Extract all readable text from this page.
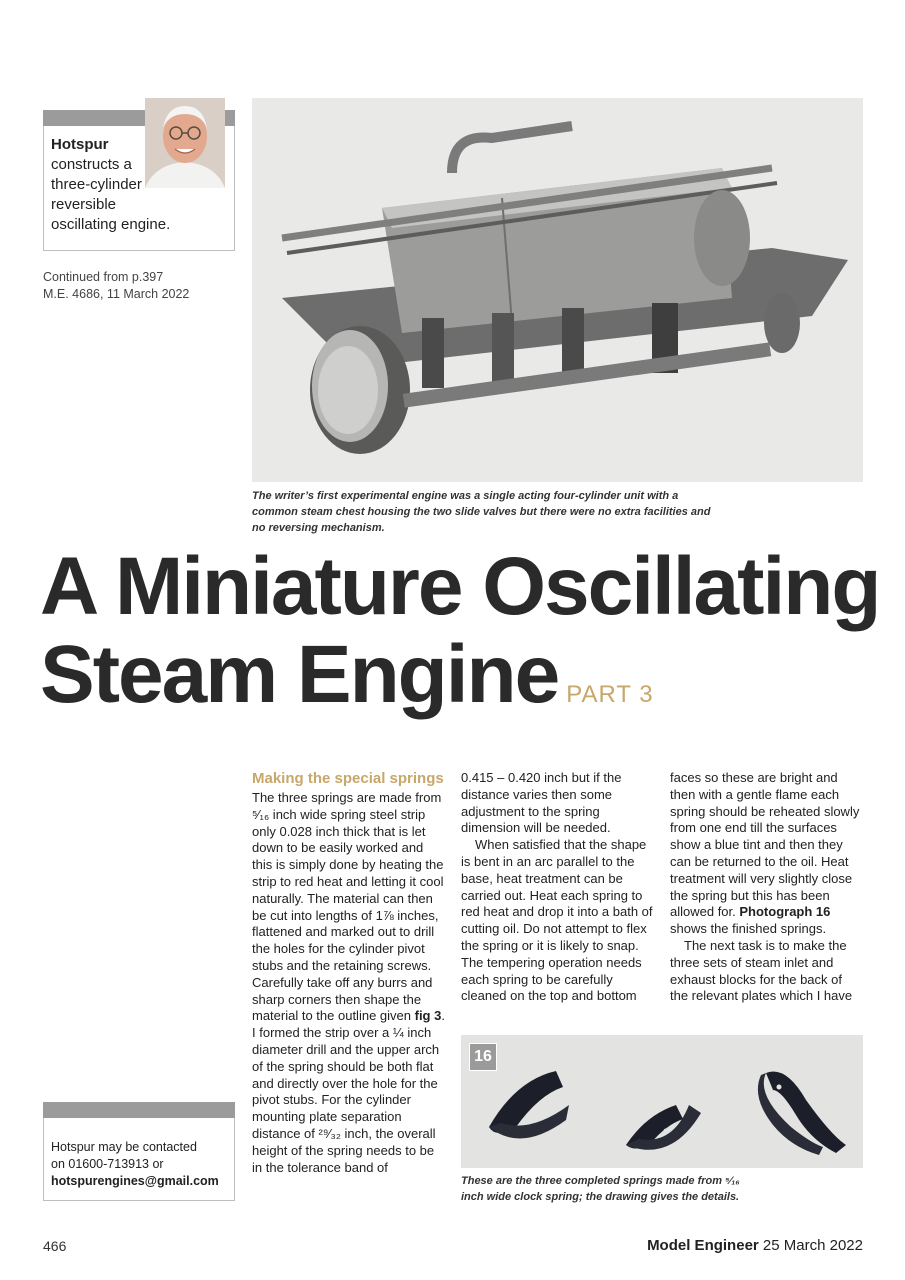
Hotspur
constructs a three-cylinder reversible oscillating engine.
Continued from p.397
M.E. 4686, 11 March 2022
The writer’s first experimental engine was a single acting four-cylinder unit with a common steam chest housing the two slide valves but there were no extra facilities and no reversing mechanism.
A Miniature Oscillating
Steam Engine PART 3
Making the special springs

The three springs are made from ⁵⁄₁₆ inch wide spring steel strip only 0.028 inch thick that is let down to be easily worked and this is simply done by heating the strip to red heat and letting it cool naturally. The material can then be cut into lengths of 1⅞ inches, flattened and marked out to drill the holes for the cylinder pivot stubs and the retaining screws. Carefully take off any burrs and sharp corners then shape the material to the outline given fig 3. I formed the strip over a ¼ inch diameter drill and the upper arch of the spring should be both flat and directly over the hole for the pivot stubs. For the cylinder mounting plate separation distance of ²⁹⁄₃₂ inch, the overall height of the spring needs to be in the tolerance band of

0.415 – 0.420 inch but if the distance varies then some adjustment to the spring dimension will be needed.

When satisfied that the shape is bent in an arc parallel to the base, heat treatment can be carried out. Heat each spring to red heat and drop it into a bath of cutting oil. Do not attempt to flex the spring or it is likely to snap. The tempering operation needs each spring to be carefully cleaned on the top and bottom

faces so these are bright and then with a gentle flame each spring should be reheated slowly from one end till the surfaces show a blue tint and then they can be returned to the oil. Heat treatment will very slightly close the spring but this has been allowed for. Photograph 16 shows the finished springs.

The next task is to make the three sets of steam inlet and exhaust blocks for the back of the relevant plates which I have

16
These are the three completed springs made from ⁵⁄₁₆ inch wide clock spring; the drawing gives the details.
Hotspur may be contacted
on 01600-713913 or
hotspurengines@gmail.com
466	Model Engineer 25 March 2022
